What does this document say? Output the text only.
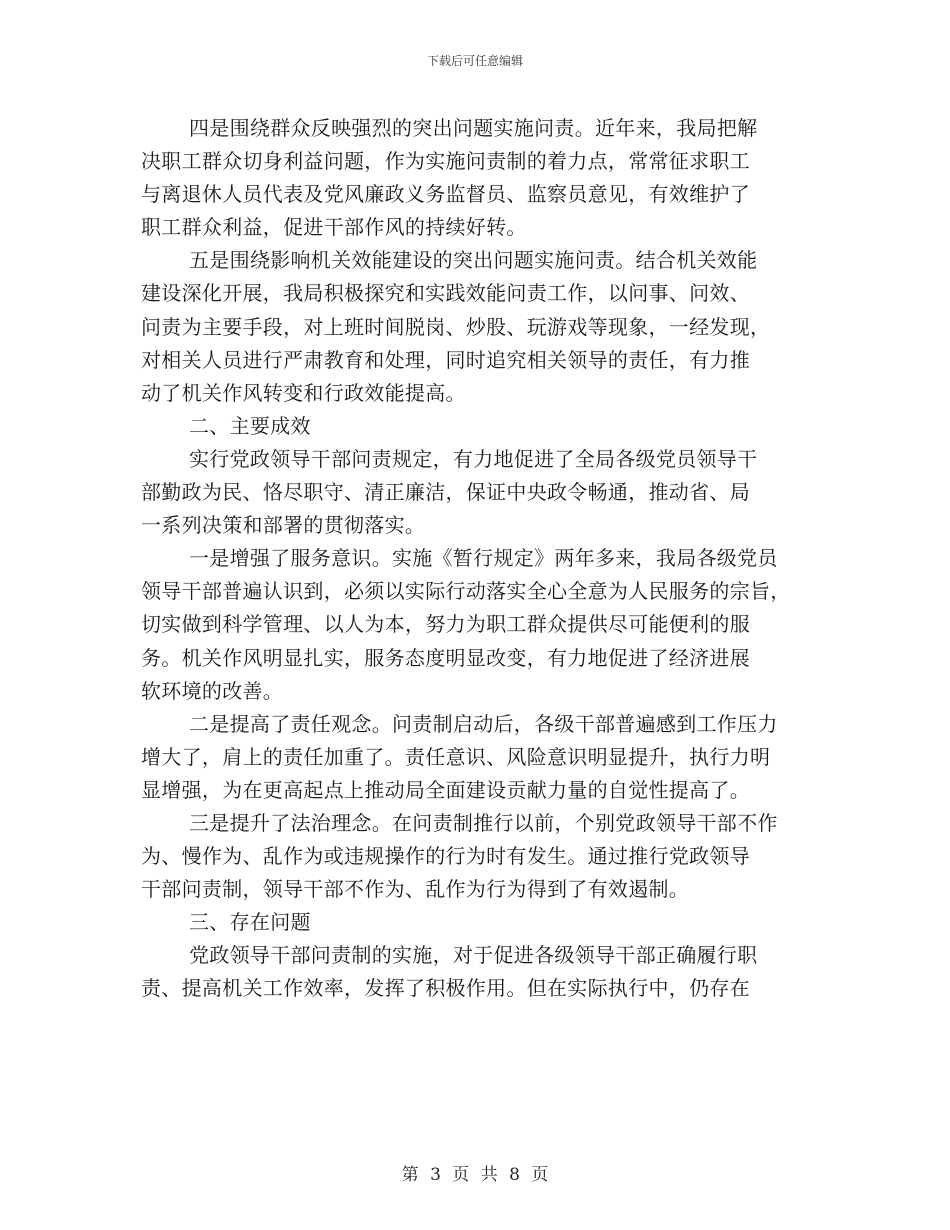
下载后可任意编辑
四是围绕群众反映强烈的突出问题实施问责。近年来，我局把解
决职工群众切身利益问题，作为实施问责制的着力点，常常征求职工
与离退休人员代表及党风廉政义务监督员、监察员意见，有效维护了
职工群众利益，促进干部作风的持续好转。
五是围绕影响机关效能建设的突出问题实施问责。结合机关效能
建设深化开展，我局积极探究和实践效能问责工作，以问事、问效、
问责为主要手段，对上班时间脱岗、炒股、玩游戏等现象，一经发现，
对相关人员进行严肃教育和处理，同时追究相关领导的责任，有力推
动了机关作风转变和行政效能提高。
二、主要成效
实行党政领导干部问责规定，有力地促进了全局各级党员领导干
部勤政为民、恪尽职守、清正廉洁，保证中央政令畅通，推动省、局
一系列决策和部署的贯彻落实。
一是增强了服务意识。实施《暂行规定》两年多来，我局各级党员
领导干部普遍认识到，必须以实际行动落实全心全意为人民服务的宗旨，
切实做到科学管理、以人为本，努力为职工群众提供尽可能便利的服
务。机关作风明显扎实，服务态度明显改变，有力地促进了经济进展
软环境的改善。
二是提高了责任观念。问责制启动后，各级干部普遍感到工作压力
增大了，肩上的责任加重了。责任意识、风险意识明显提升，执行力明
显增强，为在更高起点上推动局全面建设贡献力量的自觉性提高了。
三是提升了法治理念。在问责制推行以前，个别党政领导干部不作
为、慢作为、乱作为或违规操作的行为时有发生。通过推行党政领导
干部问责制，领导干部不作为、乱作为行为得到了有效遏制。
三、存在问题
党政领导干部问责制的实施，对于促进各级领导干部正确履行职
责、提高机关工作效率，发挥了积极作用。但在实际执行中，仍存在
第 3 页 共 8 页
